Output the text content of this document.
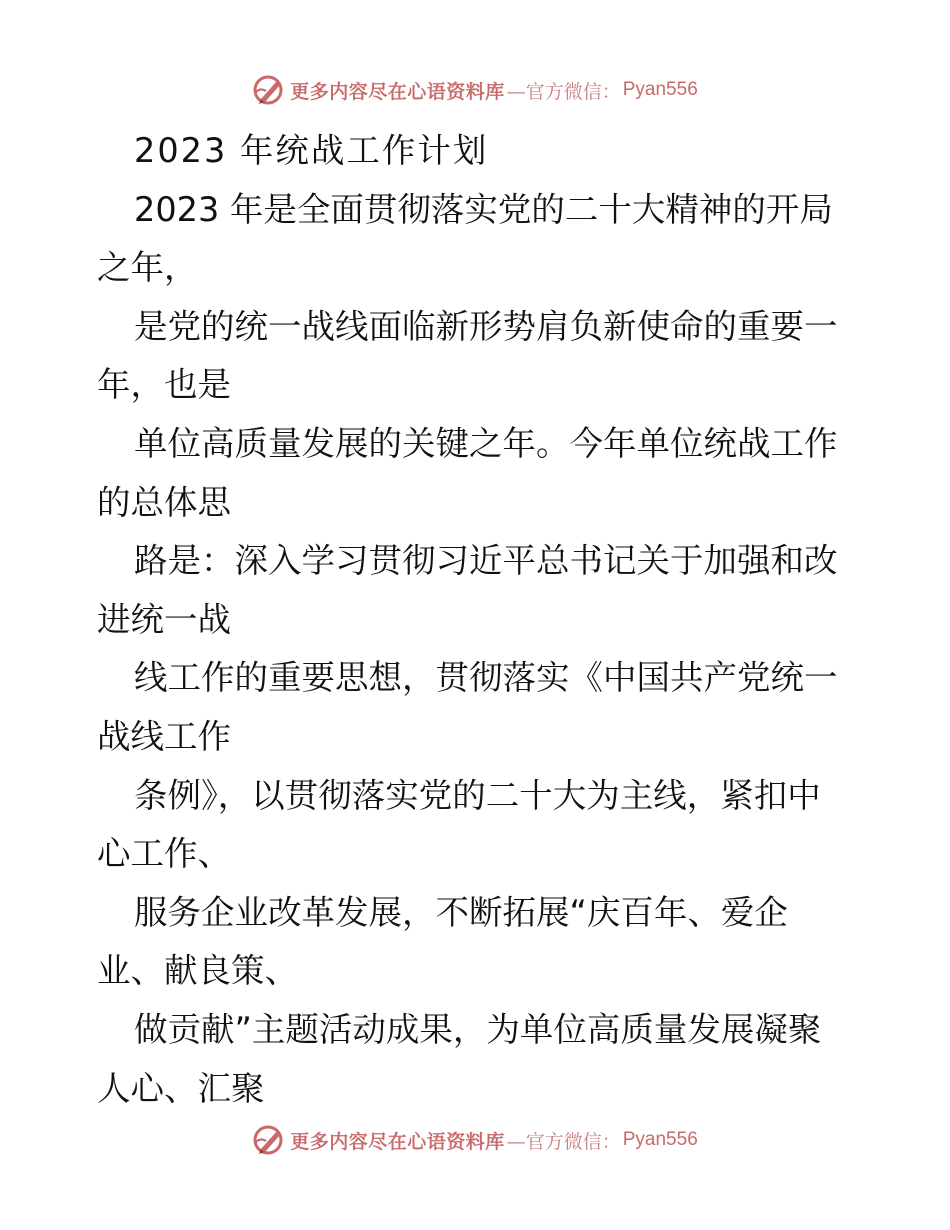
更多内容尽在心语资料库 —官方微信： Pyan556
2023 年统战工作计划
2023 年是全面贯彻落实党的二十大精神的开局
之年，
是党的统一战线面临新形势肩负新使命的重要一
年，也是
单位高质量发展的关键之年。今年单位统战工作
的总体思
路是：深入学习贯彻习近平总书记关于加强和改
进统一战
线工作的重要思想，贯彻落实《中国共产党统一
战线工作
条例》，以贯彻落实党的二十大为主线，紧扣中
心工作、
服务企业改革发展，不断拓展“庆百年、爱企
业、献良策、
做贡献”主题活动成果，为单位高质量发展凝聚
人心、汇聚
更多内容尽在心语资料库 —官方微信： Pyan556
